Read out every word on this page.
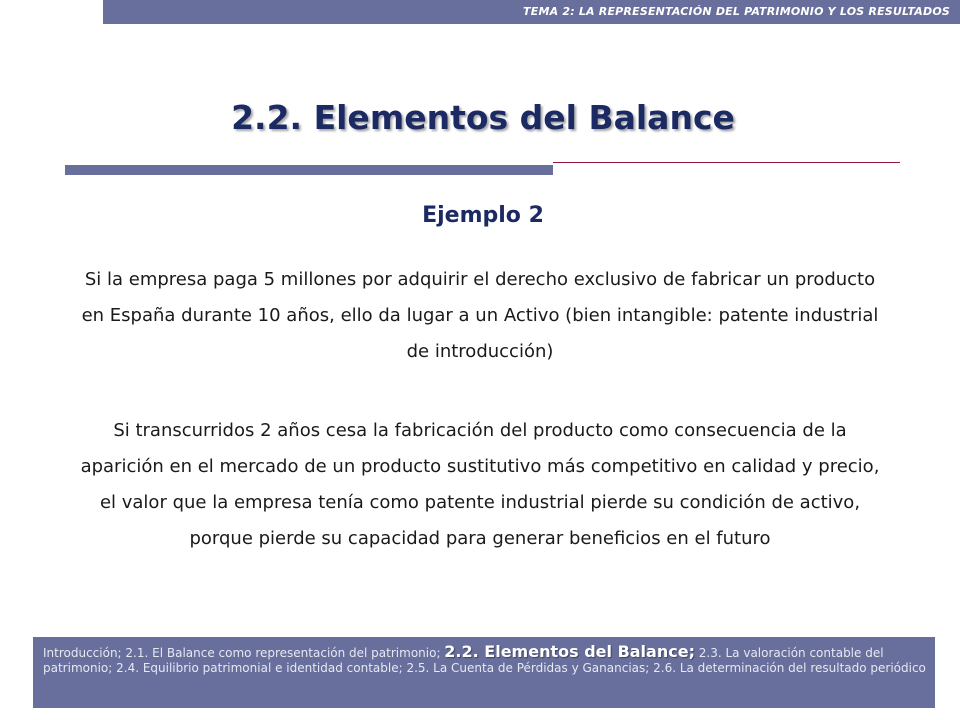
TEMA 2: LA REPRESENTACIÓN DEL PATRIMONIO Y LOS RESULTADOS
2.2. Elementos del Balance
Ejemplo 2

Si la empresa paga 5 millones por adquirir el derecho exclusivo de fabricar un producto en España durante 10 años, ello da lugar a un Activo (bien intangible: patente industrial de introducción)

Si transcurridos 2 años cesa la fabricación del producto como consecuencia de la aparición en el mercado de un producto sustitutivo más competitivo en calidad y precio, el valor que la empresa tenía como patente industrial pierde su condición de activo, porque pierde su capacidad para generar beneficios en el futuro

Introducción; 2.1. El Balance como representación del patrimonio; 2.2. Elementos del Balance; 2.3. La valoración contable del patrimonio; 2.4. Equilibrio patrimonial e identidad contable; 2.5. La Cuenta de Pérdidas y Ganancias; 2.6. La determinación del resultado periódico
